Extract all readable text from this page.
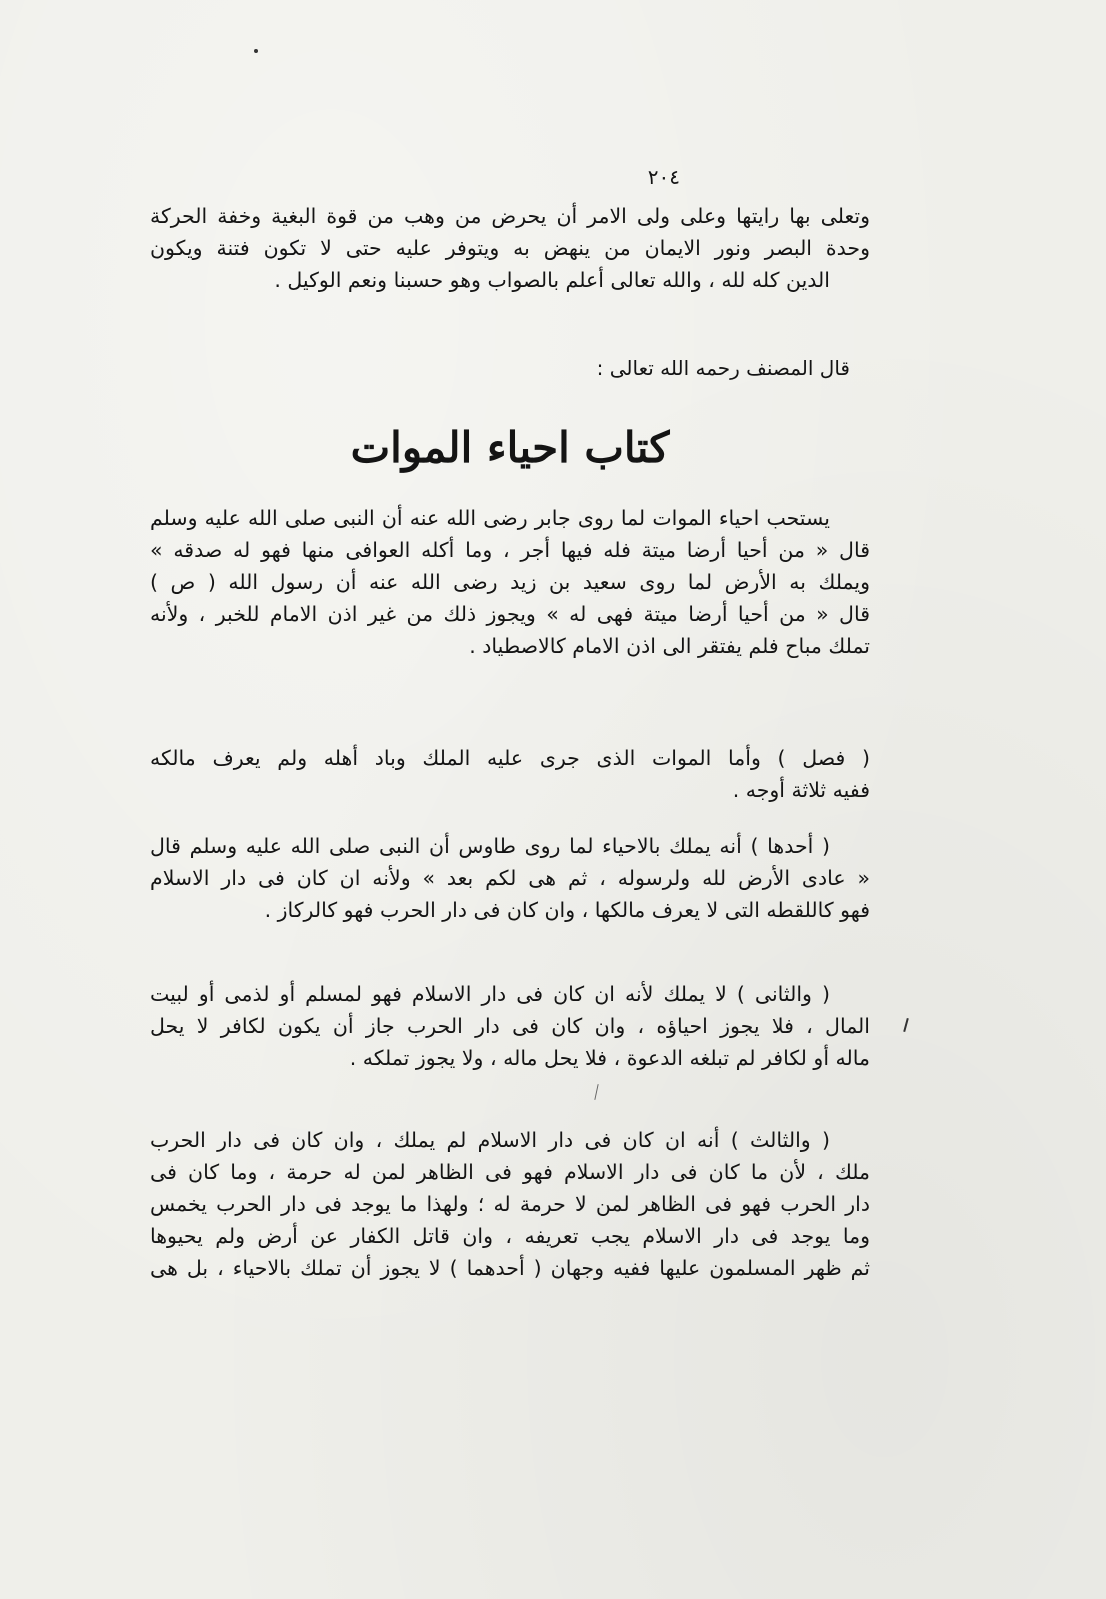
٢٠٤
وتعلى بها رايتها وعلى ولى الامر أن يحرض من وهب من قوة البغية وخفة الحركة
وحدة البصر ونور الايمان من ينهض به ويتوفر عليه حتى لا تكون فتنة ويكون
الدين كله لله ، والله تعالى أعلم بالصواب وهو حسبنا ونعم الوكيل .
قال المصنف رحمه الله تعالى :
كتاب احياء الموات
يستحب احياء الموات لما روى جابر رضى الله عنه أن النبى صلى الله عليه وسلم
قال « من أحيا أرضا ميتة فله فيها أجر ، وما أكله العوافى منها فهو له صدقه »
ويملك به الأرض لما روى سعيد بن زيد رضى الله عنه أن رسول الله ( ص )
قال « من أحيا أرضا ميتة فهى له » ويجوز ذلك من غير اذن الامام للخبر ، ولأنه
تملك مباح فلم يفتقر الى اذن الامام كالاصطياد .
( فصل ) وأما الموات الذى جرى عليه الملك وباد أهله ولم يعرف مالكه
ففيه ثلاثة أوجه .
( أحدها ) أنه يملك بالاحياء لما روى طاوس أن النبى صلى الله عليه وسلم قال
« عادى الأرض لله ولرسوله ، ثم هى لكم بعد » ولأنه ان كان فى دار الاسلام
فهو كاللقطه التى لا يعرف مالكها ، وان كان فى دار الحرب فهو كالركاز .
( والثانى ) لا يملك لأنه ان كان فى دار الاسلام فهو لمسلم أو لذمى أو لبيت
المال ، فلا يجوز احياؤه ، وان كان فى دار الحرب جاز أن يكون لكافر لا يحل
ماله أو لكافر لم تبلغه الدعوة ، فلا يحل ماله ، ولا يجوز تملكه .
( والثالث ) أنه ان كان فى دار الاسلام لم يملك ، وان كان فى دار الحرب
ملك ، لأن ما كان فى دار الاسلام فهو فى الظاهر لمن له حرمة ، وما كان فى
دار الحرب فهو فى الظاهر لمن لا حرمة له ؛ ولهذا ما يوجد فى دار الحرب يخمس
وما يوجد فى دار الاسلام يجب تعريفه ، وان قاتل الكفار عن أرض ولم يحيوها
ثم ظهر المسلمون عليها ففيه وجهان ( أحدهما ) لا يجوز أن تملك بالاحياء ، بل هى
